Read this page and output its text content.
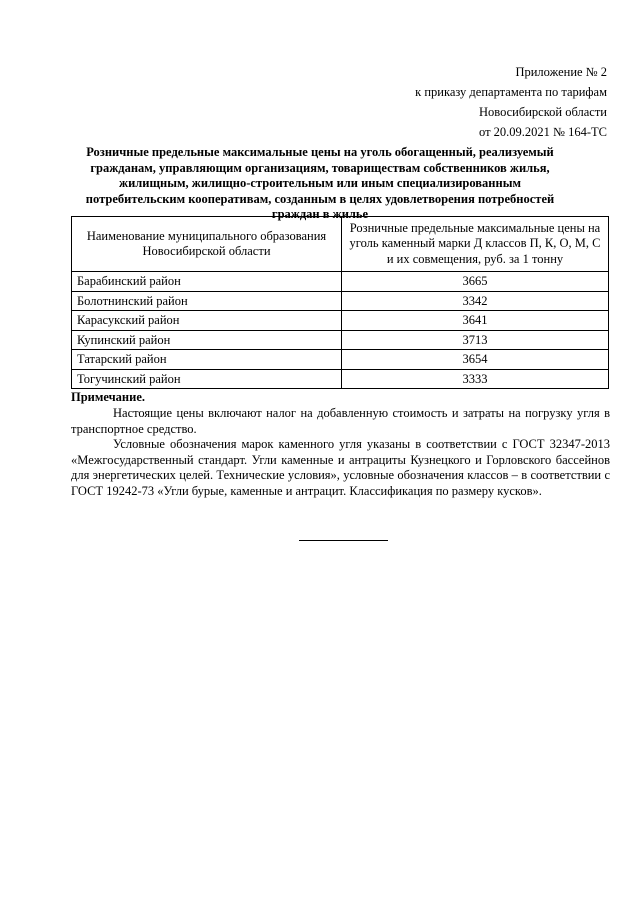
Приложение № 2
к приказу департамента по тарифам
Новосибирской области
от 20.09.2021 № 164-ТС
Розничные предельные максимальные цены на уголь обогащенный, реализуемый гражданам, управляющим организациям, товариществам собственников жилья, жилищным, жилищно-строительным или иным специализированным потребительским кооперативам, созданным в целях удовлетворения потребностей граждан в жилье
Наименование муниципального образования Новосибирской области	Розничные предельные максимальные цены на уголь каменный марки Д классов П, К, О, М, С и их совмещения, руб. за 1 тонну
Барабинский район	3665
Болотнинский район	3342
Карасукский район	3641
Купинский район	3713
Татарский район	3654
Тогучинский район	3333
Примечание.

Настоящие цены включают налог на добавленную стоимость и затраты на погрузку угля в транспортное средство.

Условные обозначения марок каменного угля указаны в соответствии с ГОСТ 32347-2013 «Межгосударственный стандарт. Угли каменные и антрациты Кузнецкого и Горловского бассейнов для энергетических целей. Технические условия», условные обозначения классов – в соответствии с ГОСТ 19242-73 «Угли бурые, каменные и антрацит. Классификация по размеру кусков».
